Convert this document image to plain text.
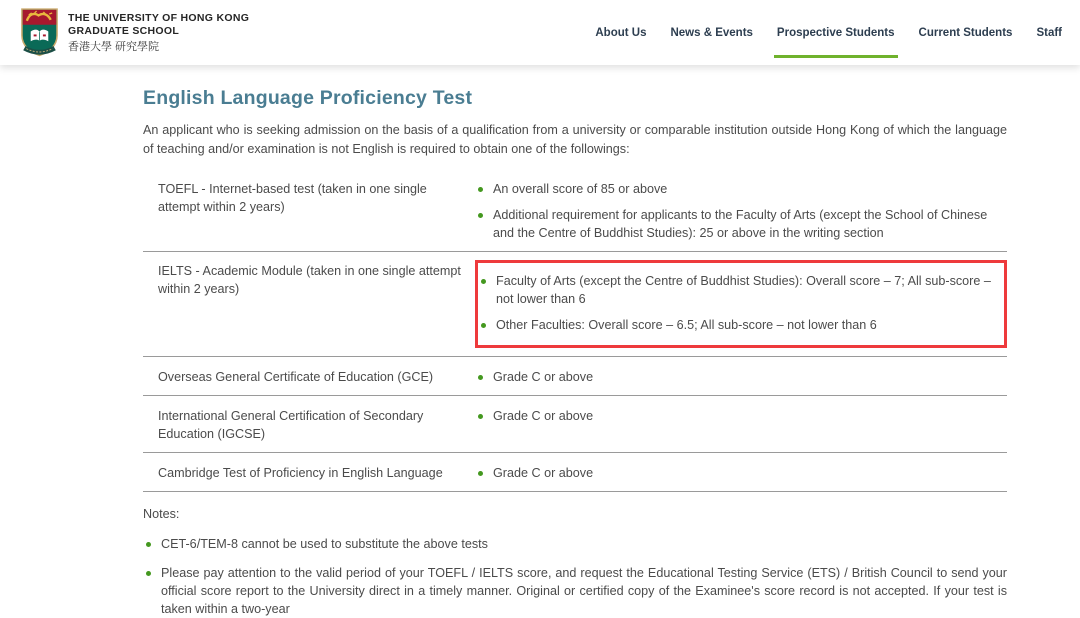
THE UNIVERSITY OF HONG KONG
GRADUATE SCHOOL
香港大學 研究學院
About Us News & Events Prospective Students Current Students Staff
English Language Proficiency Test

An applicant who is seeking admission on the basis of a qualification from a university or comparable institution outside Hong Kong of which the language of teaching and/or examination is not English is required to obtain one of the followings:

TOEFL - Internet-based test (taken in one single attempt within 2 years)
An overall score of 85 or above
Additional requirement for applicants to the Faculty of Arts (except the School of Chinese and the Centre of Buddhist Studies): 25 or above in the writing section
IELTS - Academic Module (taken in one single attempt within 2 years)
Faculty of Arts (except the Centre of Buddhist Studies): Overall score – 7; All sub-score – not lower than 6
Other Faculties: Overall score – 6.5; All sub-score – not lower than 6
Overseas General Certificate of Education (GCE)	Grade C or above
International General Certification of Secondary Education (IGCSE)
Grade C or above
Cambridge Test of Proficiency in English Language	Grade C or above

Notes:

CET-6/TEM-8 cannot be used to substitute the above tests
Please pay attention to the valid period of your TOEFL / IELTS score, and request the Educational Testing Service (ETS) / British Council to send your official score report to the University direct in a timely manner. Original or certified copy of the Examinee's score record is not accepted. If your test is taken within a two-year
